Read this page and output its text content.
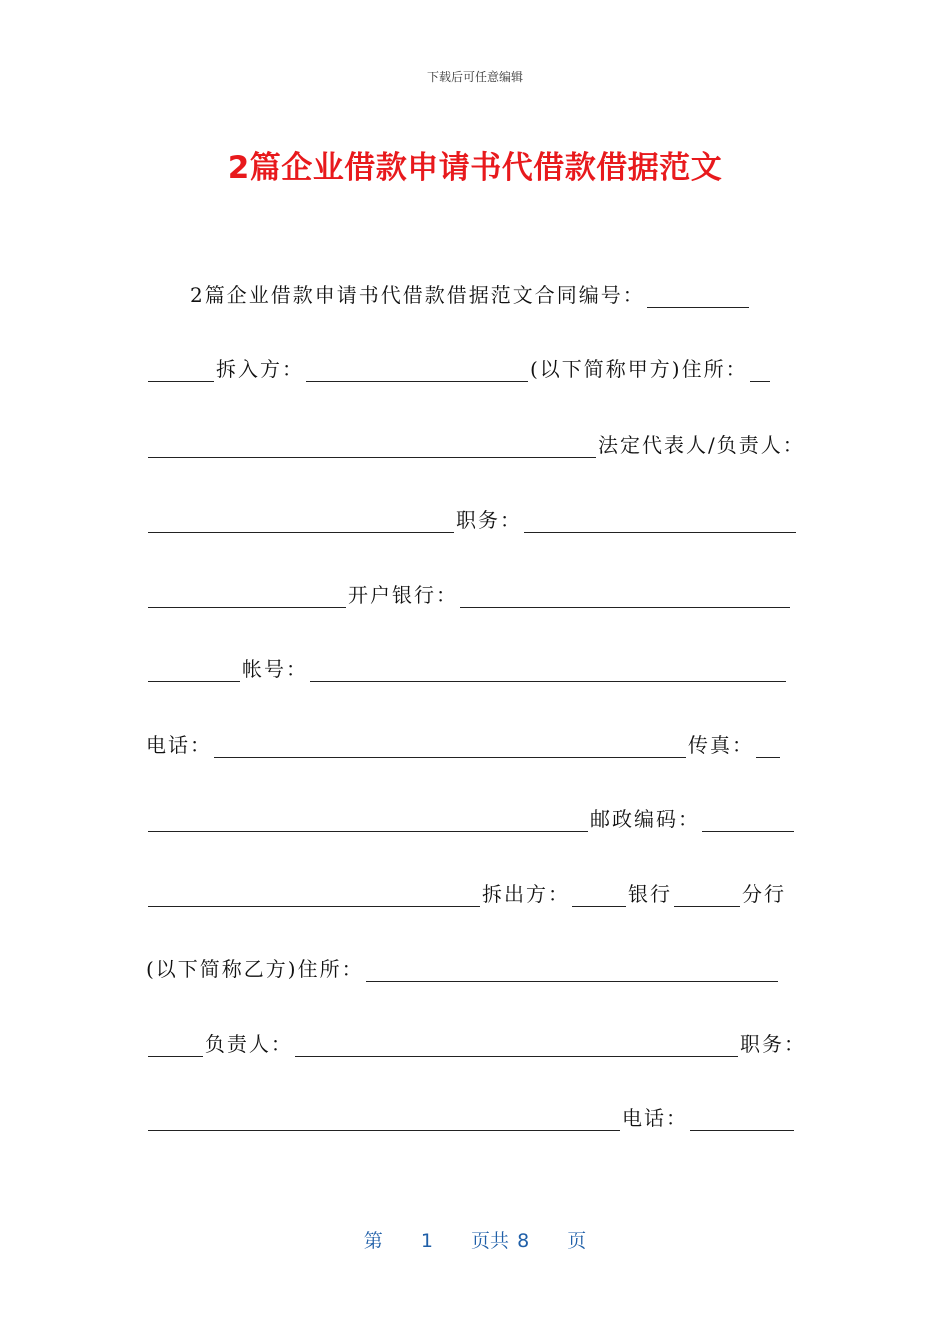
下载后可任意编辑
2篇企业借款申请书代借款借据范文
2篇企业借款申请书代借款借据范文合同编号：
拆入方：	(以下简称甲方)住所：
法定代表人/负责人：
职务：
开户银行：
帐号：
电话：	传真：
邮政编码：
拆出方：	银行	分行
(以下简称乙方)住所：
负责人：	职务：
电话：
第 1 页共 8 页
